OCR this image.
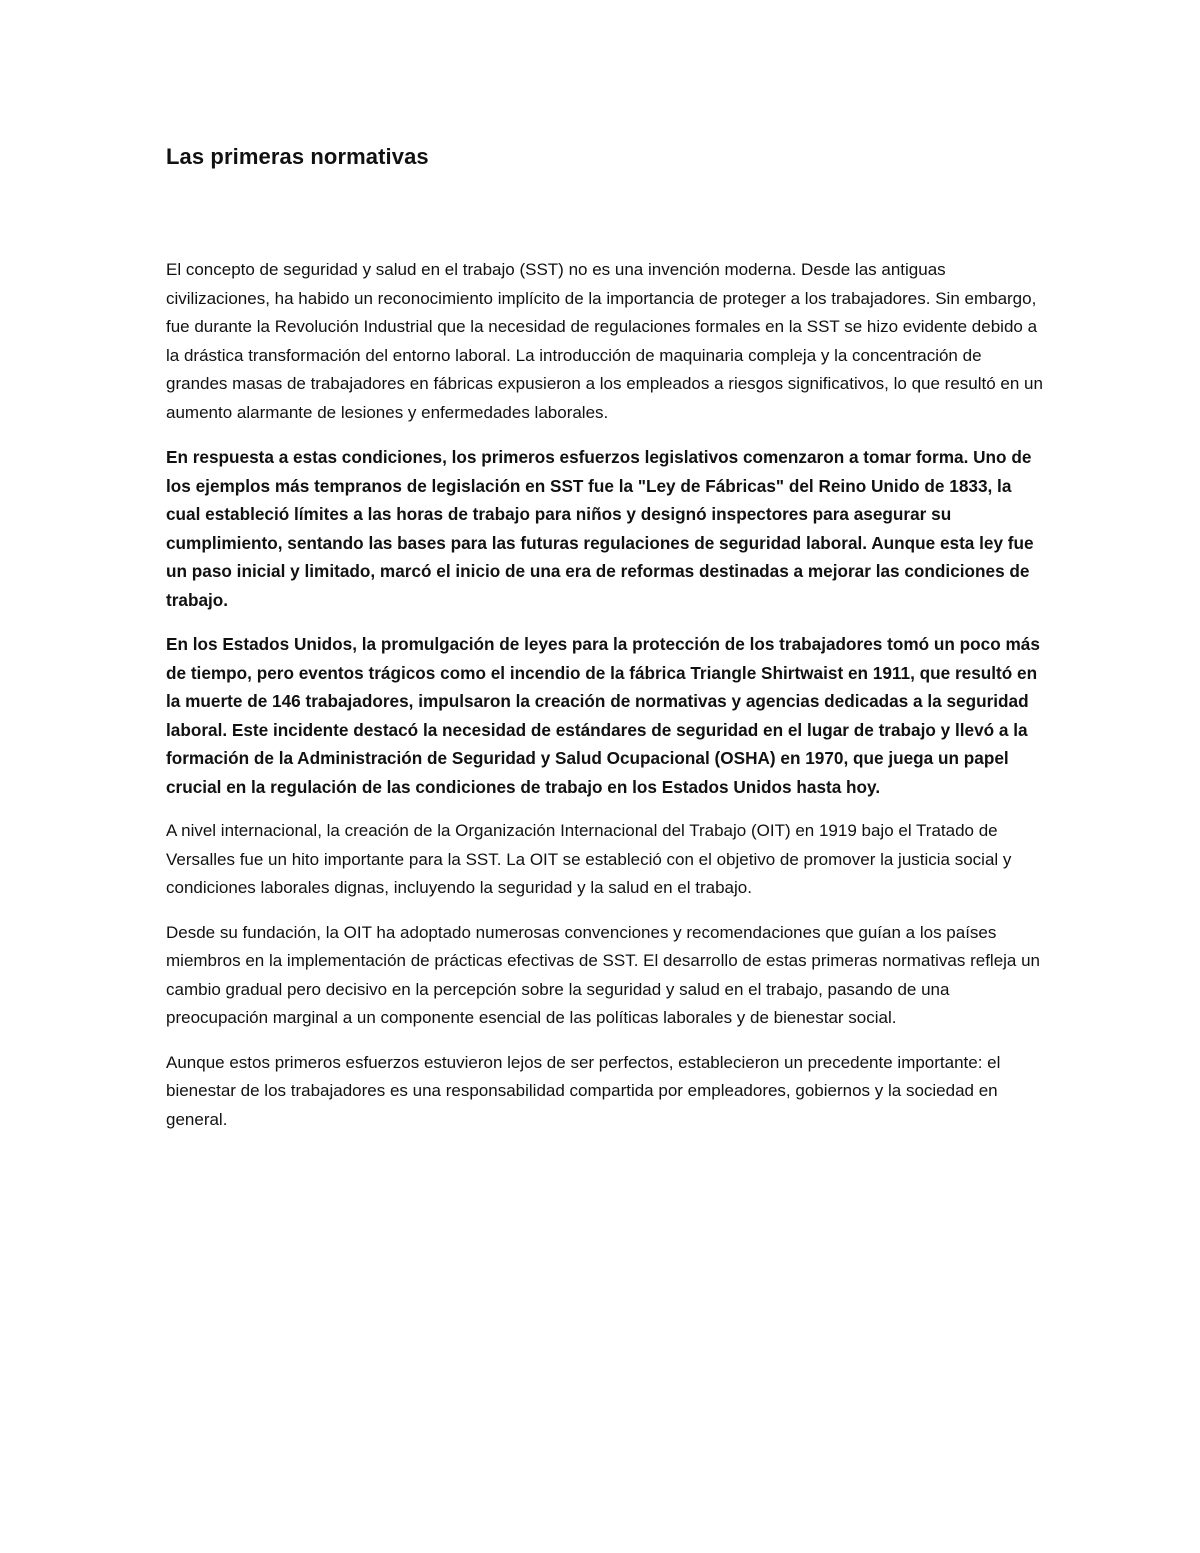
Las primeras normativas

El concepto de seguridad y salud en el trabajo (SST) no es una invención moderna. Desde las antiguas civilizaciones, ha habido un reconocimiento implícito de la importancia de proteger a los trabajadores. Sin embargo, fue durante la Revolución Industrial que la necesidad de regulaciones formales en la SST se hizo evidente debido a la drástica transformación del entorno laboral. La introducción de maquinaria compleja y la concentración de grandes masas de trabajadores en fábricas expusieron a los empleados a riesgos significativos, lo que resultó en un aumento alarmante de lesiones y enfermedades laborales.

En respuesta a estas condiciones, los primeros esfuerzos legislativos comenzaron a tomar forma. Uno de los ejemplos más tempranos de legislación en SST fue la "Ley de Fábricas" del Reino Unido de 1833, la cual estableció límites a las horas de trabajo para niños y designó inspectores para asegurar su cumplimiento, sentando las bases para las futuras regulaciones de seguridad laboral. Aunque esta ley fue un paso inicial y limitado, marcó el inicio de una era de reformas destinadas a mejorar las condiciones de trabajo.

En los Estados Unidos, la promulgación de leyes para la protección de los trabajadores tomó un poco más de tiempo, pero eventos trágicos como el incendio de la fábrica Triangle Shirtwaist en 1911, que resultó en la muerte de 146 trabajadores, impulsaron la creación de normativas y agencias dedicadas a la seguridad laboral. Este incidente destacó la necesidad de estándares de seguridad en el lugar de trabajo y llevó a la formación de la Administración de Seguridad y Salud Ocupacional (OSHA) en 1970, que juega un papel crucial en la regulación de las condiciones de trabajo en los Estados Unidos hasta hoy.

A nivel internacional, la creación de la Organización Internacional del Trabajo (OIT) en 1919 bajo el Tratado de Versalles fue un hito importante para la SST. La OIT se estableció con el objetivo de promover la justicia social y condiciones laborales dignas, incluyendo la seguridad y la salud en el trabajo.

Desde su fundación, la OIT ha adoptado numerosas convenciones y recomendaciones que guían a los países miembros en la implementación de prácticas efectivas de SST. El desarrollo de estas primeras normativas refleja un cambio gradual pero decisivo en la percepción sobre la seguridad y salud en el trabajo, pasando de una preocupación marginal a un componente esencial de las políticas laborales y de bienestar social.

Aunque estos primeros esfuerzos estuvieron lejos de ser perfectos, establecieron un precedente importante: el bienestar de los trabajadores es una responsabilidad compartida por empleadores, gobiernos y la sociedad en general.
